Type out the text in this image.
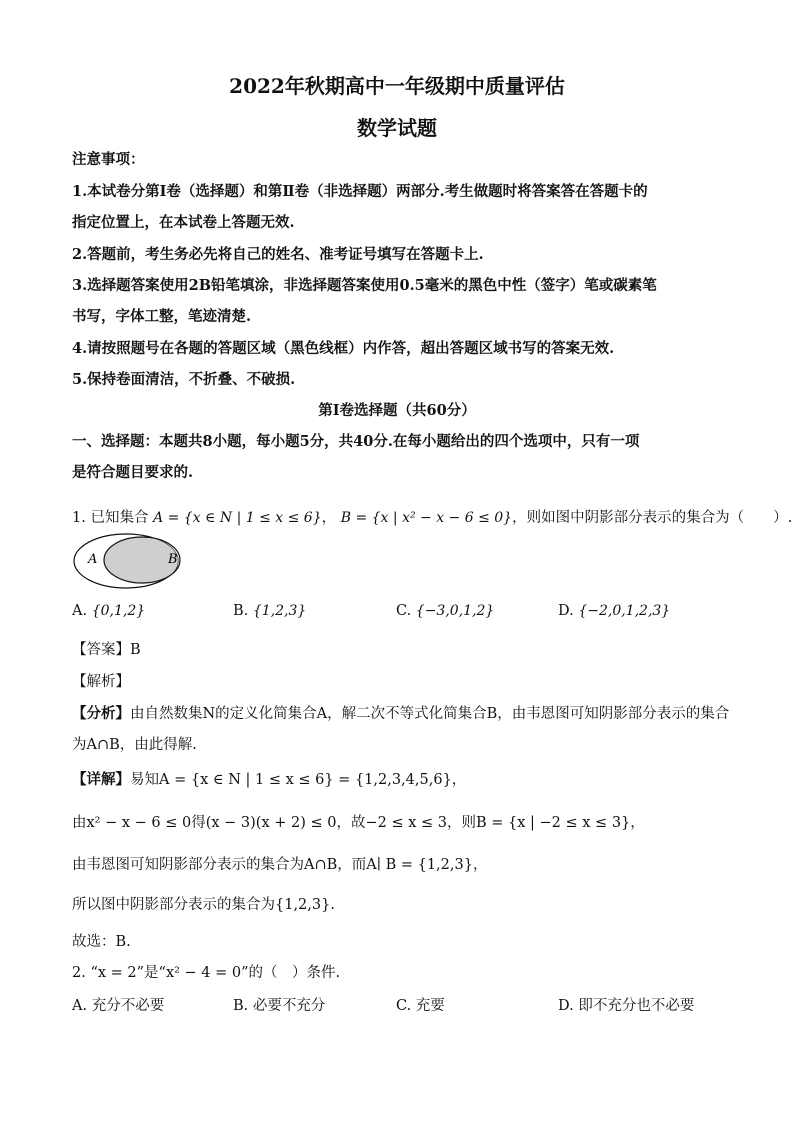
2022年秋期高中一年级期中质量评估
数学试题
注意事项：
1.本试卷分第Ⅰ卷（选择题）和第Ⅱ卷（非选择题）两部分.考生做题时将答案答在答题卡的
指定位置上，在本试卷上答题无效.
2.答题前，考生务必先将自己的姓名、准考证号填写在答题卡上.
3.选择题答案使用2B铅笔填涂，非选择题答案使用0.5毫米的黑色中性（签字）笔或碳素笔
书写，字体工整，笔迹清楚.
4.请按照题号在各题的答题区域（黑色线框）内作答，超出答题区域书写的答案无效.
5.保持卷面清洁，不折叠、不破损.
第Ⅰ卷选择题（共60分）
一、选择题：本题共8小题，每小题5分，共40分.在每小题给出的四个选项中，只有一项
是符合题目要求的.
1. 已知集合 A = {x ∈ N | 1 ≤ x ≤ 6}， B = {x | x² − x − 6 ≤ 0}，则如图中阴影部分表示的集合为（　　）.
A	B
A. {0,1,2}	B. {1,2,3}	C. {−3,0,1,2}	D. {−2,0,1,2,3}
【答案】B
【解析】
【分析】由自然数集N的定义化简集合A，解二次不等式化简集合B，由韦恩图可知阴影部分表示的集合
为A∩B，由此得解.
【详解】易知A = {x ∈ N | 1 ≤ x ≤ 6} = {1,2,3,4,5,6}，
由x² − x − 6 ≤ 0得(x − 3)(x + 2) ≤ 0，故−2 ≤ x ≤ 3，则B = {x | −2 ≤ x ≤ 3}，
由韦恩图可知阴影部分表示的集合为A∩B，而A∣ B = {1,2,3}，
所以图中阴影部分表示的集合为{1,2,3}.
故选：B.
2. “x = 2”是“x² − 4 = 0”的（　）条件.
A. 充分不必要	B. 必要不充分	C. 充要	D. 即不充分也不必要
